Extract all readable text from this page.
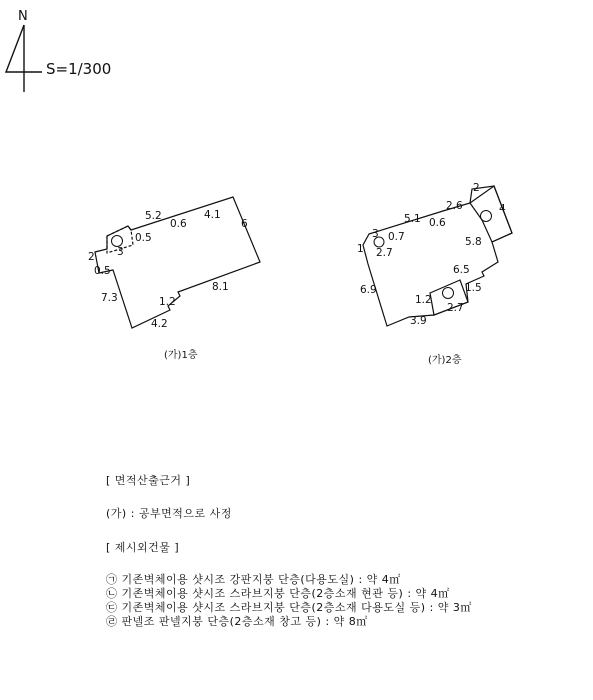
N
S=1/300
5.2
0.6
4.1
6
0.5
3
2
0.5
7.3	1.2
8.1
4.2
(가)1층
2
4
2.6
5.1 0.6
3 0.7
1 2.7
5.8
6.5
6.9	1.5
1.2
2.7
3.9
(가)2층
[ 면적산출근거 ]
(가) : 공부면적으로 사정
[ 제시외건물 ]
㉠ 기존벽체이용 샷시조 강판지붕 단층(다용도실) : 약 4㎡
㉡ 기존벽체이용 샷시조 스라브지붕 단층(2층소재 현관 등) : 약 4㎡
㉢ 기존벽체이용 샷시조 스라브지붕 단층(2층소재 다용도실 등) : 약 3㎡
㉣ 판넬조 판넬지붕 단층(2층소재 창고 등) : 약 8㎡
